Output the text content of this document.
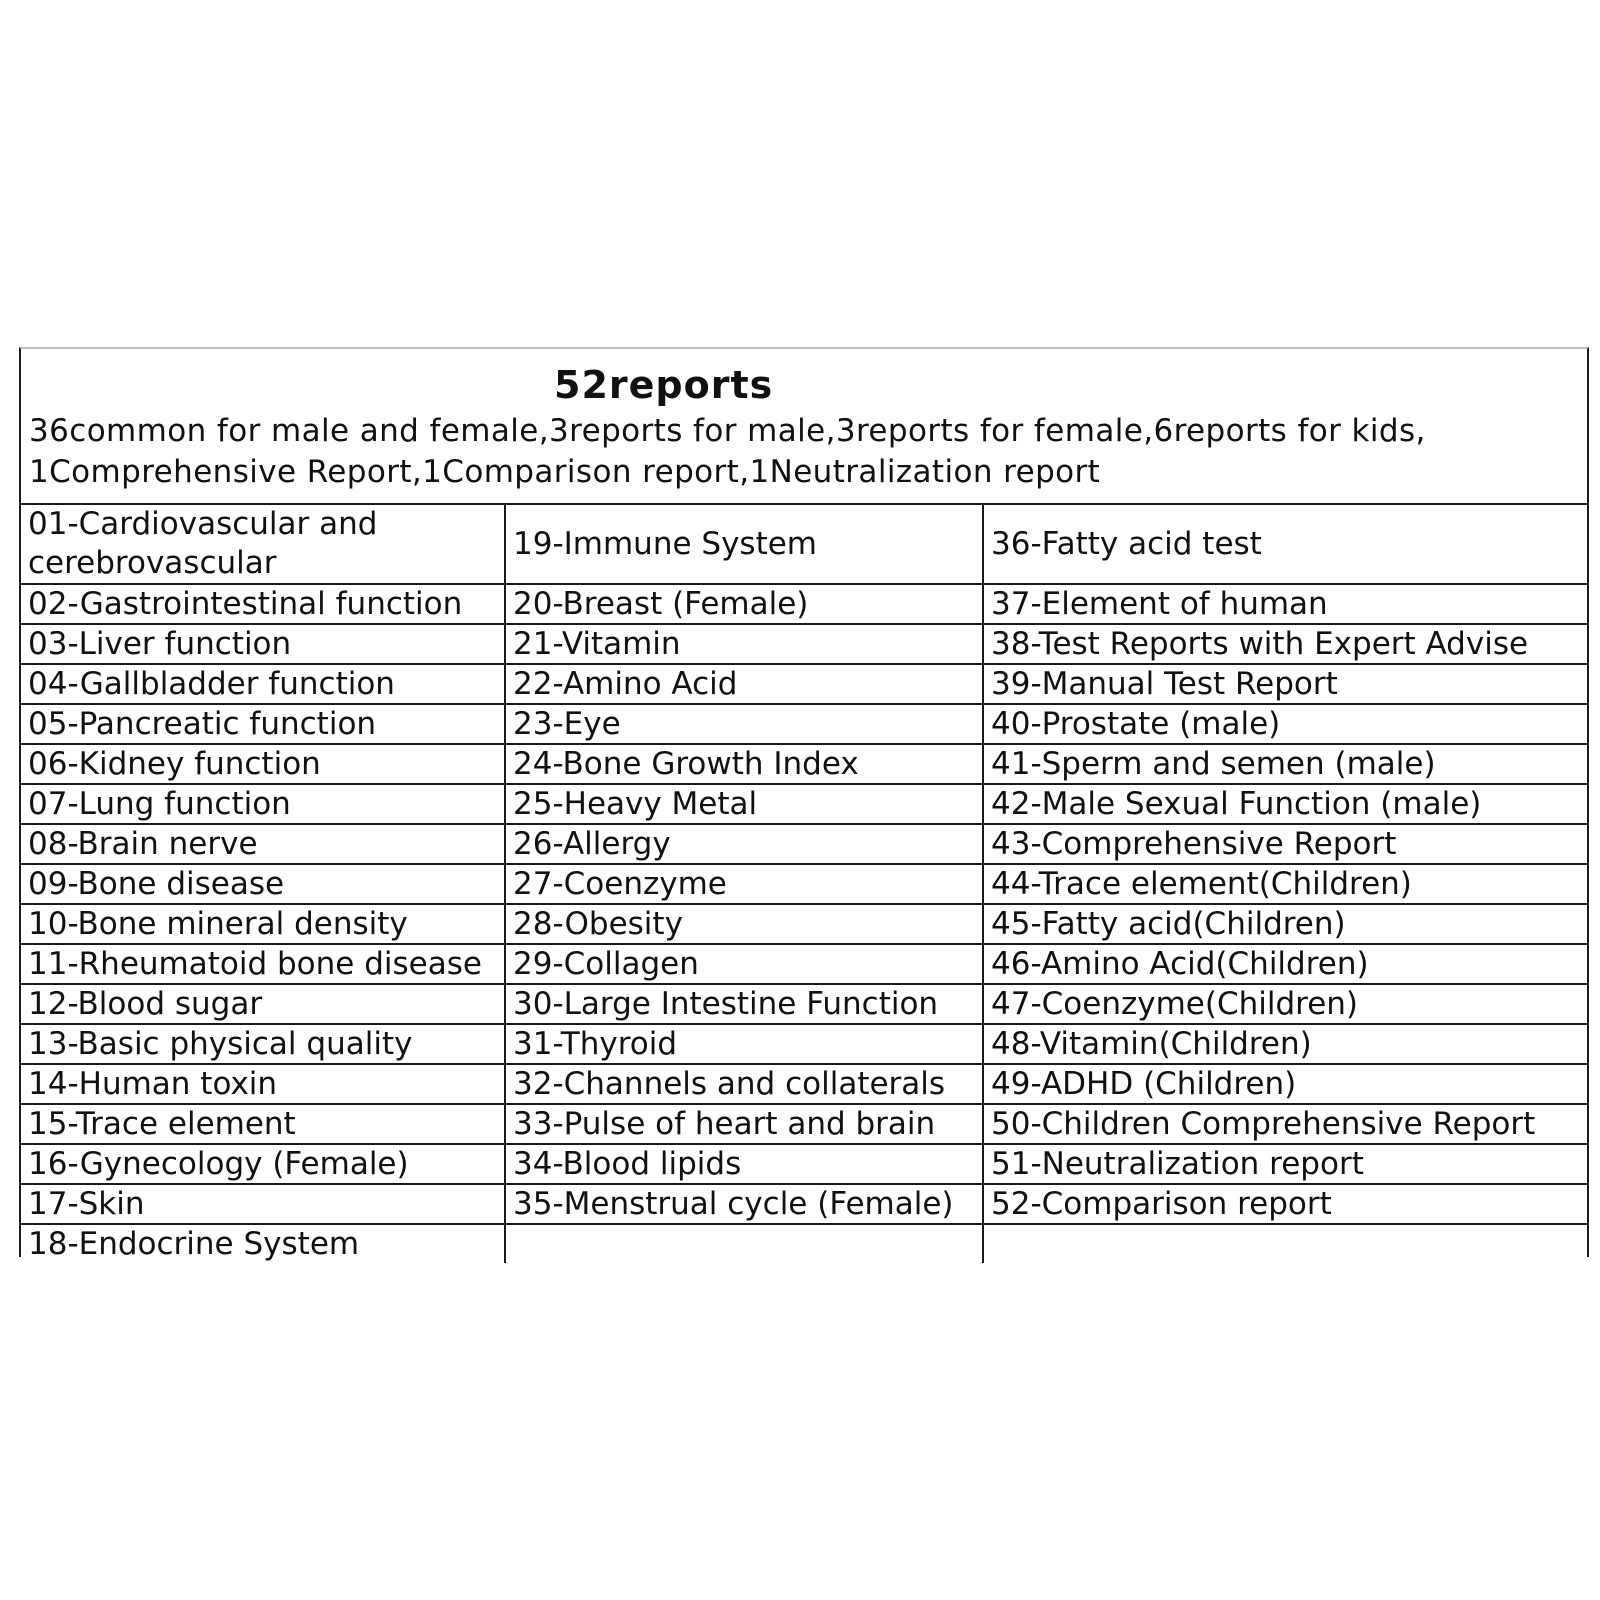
52reports
36common for male and female,3reports for male,3reports for female,6reports for kids,
1Comprehensive Report,1Comparison report,1Neutralization report
01-Cardiovascular and cerebrovascular	19-Immune System	36-Fatty acid test
02-Gastrointestinal function	20-Breast (Female)	37-Element of human
03-Liver function	21-Vitamin	38-Test Reports with Expert Advise
04-Gallbladder function	22-Amino Acid	39-Manual Test Report
05-Pancreatic function	23-Eye	40-Prostate (male)
06-Kidney function	24-Bone Growth Index	41-Sperm and semen (male)
07-Lung function	25-Heavy Metal	42-Male Sexual Function (male)
08-Brain nerve	26-Allergy	43-Comprehensive Report
09-Bone disease	27-Coenzyme	44-Trace element(Children)
10-Bone mineral density	28-Obesity	45-Fatty acid(Children)
11-Rheumatoid bone disease	29-Collagen	46-Amino Acid(Children)
12-Blood sugar	30-Large Intestine Function	47-Coenzyme(Children)
13-Basic physical quality	31-Thyroid	48-Vitamin(Children)
14-Human toxin	32-Channels and collaterals	49-ADHD (Children)
15-Trace element	33-Pulse of heart and brain	50-Children Comprehensive Report
16-Gynecology (Female)	34-Blood lipids	51-Neutralization report
17-Skin	35-Menstrual cycle (Female)	52-Comparison report
18-Endocrine System		
